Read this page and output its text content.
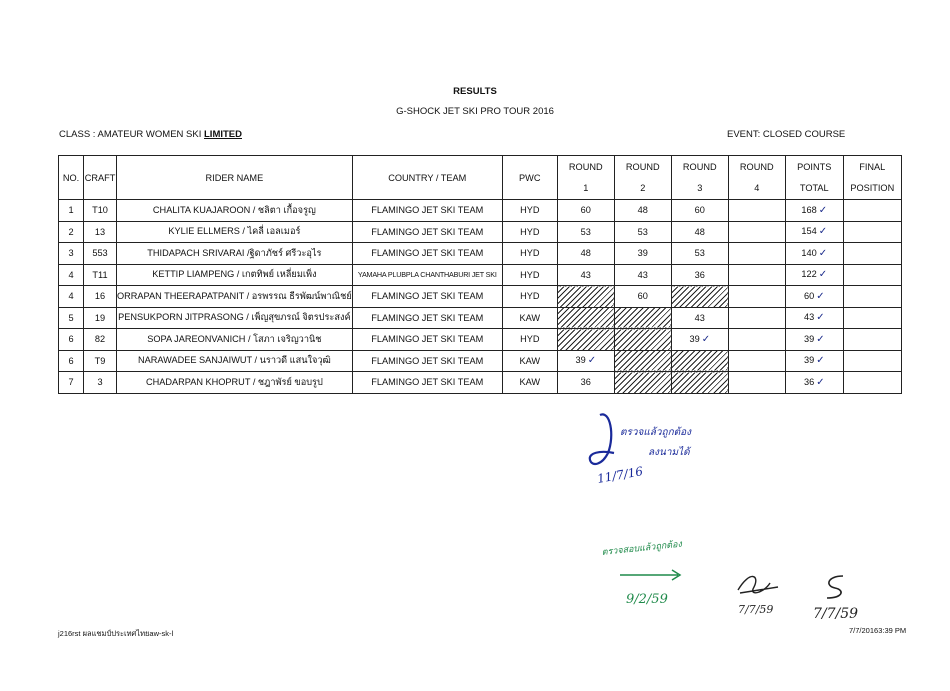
RESULTS
G-SHOCK JET SKI PRO TOUR 2016
CLASS : AMATEUR WOMEN SKI LIMITED	EVENT: CLOSED COURSE
NO.	CRAFT	RIDER NAME	COUNTRY / TEAM	PWC	ROUND	ROUND	ROUND	ROUND	POINTS	FINAL
					1	2	3	4	TOTAL	POSITION
1	T10	CHALITA KUAJAROON / ชลิตา เกื้อจรูญ	FLAMINGO JET SKI TEAM	HYD	60	48	60		168 ✓	
2	13	KYLIE ELLMERS / ไคลี่ เอลเมอร์	FLAMINGO JET SKI TEAM	HYD	53	53	48		154 ✓	
3	553	THIDAPACH SRIVARAI /ฐิดาภัชร์ ศรีวะอุไร	FLAMINGO JET SKI TEAM	HYD	48	39	53		140 ✓	
4	T11	KETTIP LIAMPENG / เกตทิพย์ เหลี่ยมเพ็ง	YAMAHA PLUBPLA CHANTHABURI JET SKI	HYD	43	43	36		122 ✓	
4	16	ORRAPAN THEERAPATPANIT / อรพรรณ ธีรพัฒน์พาณิชย์	FLAMINGO JET SKI TEAM	HYD		60			60 ✓	
5	19	PENSUKPORN JITPRASONG / เพ็ญสุขภรณ์ จิตรประสงค์	FLAMINGO JET SKI TEAM	KAW			43		43 ✓	
6	82	SOPA JAREONVANICH / โสภา เจริญวานิช	FLAMINGO JET SKI TEAM	HYD			39 ✓		39 ✓	
6	T9	NARAWADEE SANJAIWUT / นราวดี แสนใจวุฒิ	FLAMINGO JET SKI TEAM	KAW	39 ✓				39 ✓	
7	3	CHADARPAN KHOPRUT / ชฎาพัรย์ ขอบรูป	FLAMINGO JET SKI TEAM	KAW	36				36 ✓	
ตรวจแล้วถูกต้อง
ลงนามได้
11/7/16
ตรวจสอบแล้วถูกต้อง
9/2/59
7/7/59	7/7/59
j216rst ผลแชมป์ประเทศไทยaw-sk-l	7/7/20163:39 PM
